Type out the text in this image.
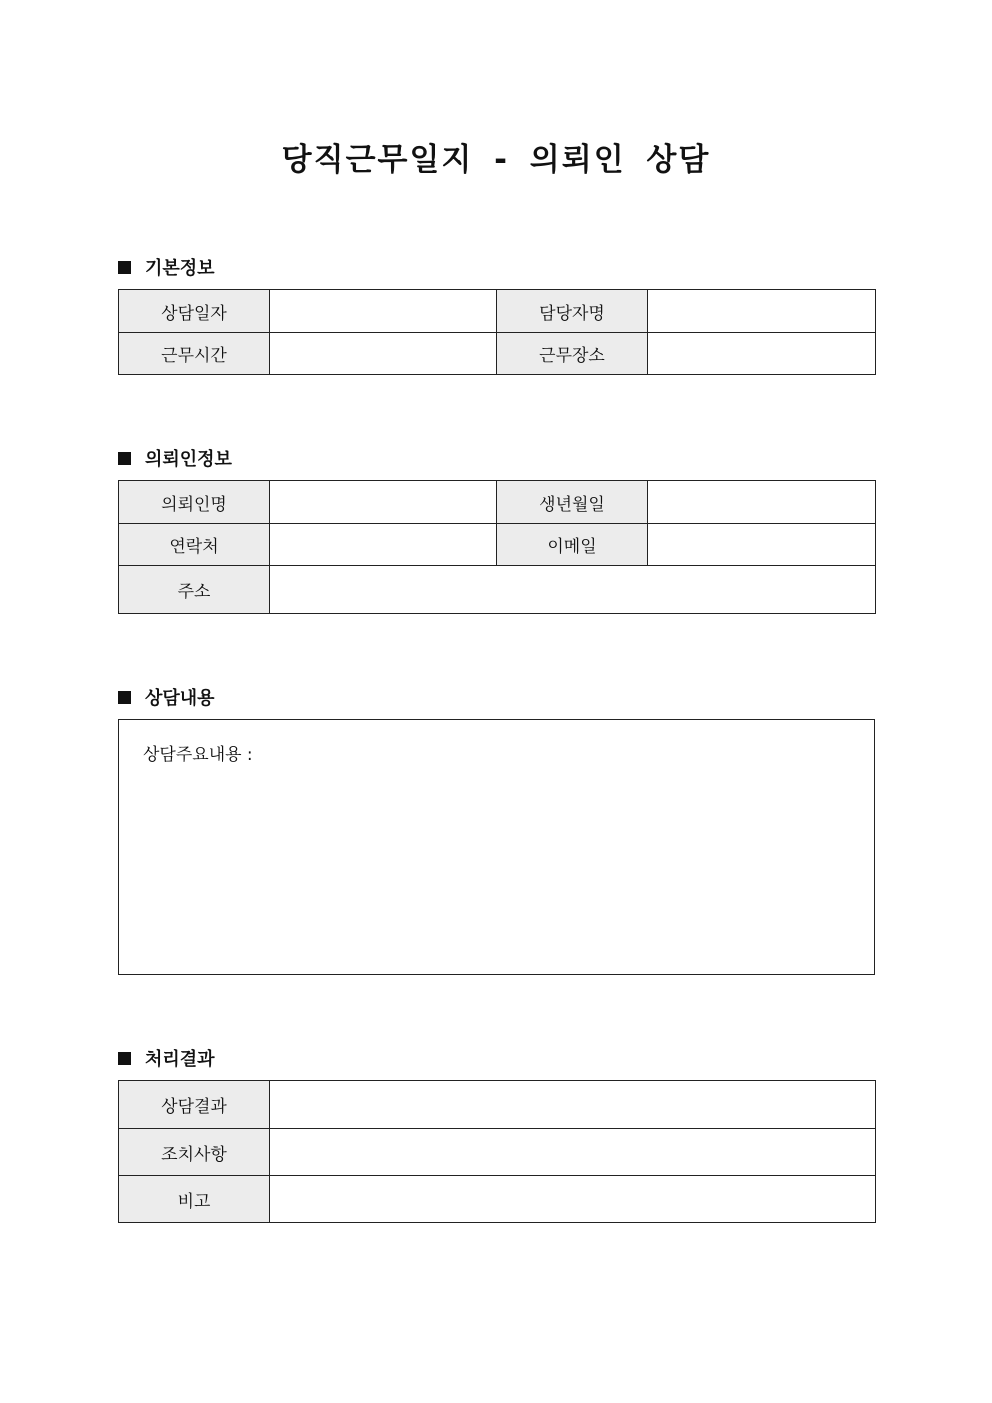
당직근무일지 - 의뢰인 상담
기본정보
상담일자		담당자명	
근무시간		근무장소	
의뢰인정보
의뢰인명		생년월일	
연락처		이메일	
주소			
상담내용
상담주요내용 :
처리결과
상담결과	
조치사항	
비고	
